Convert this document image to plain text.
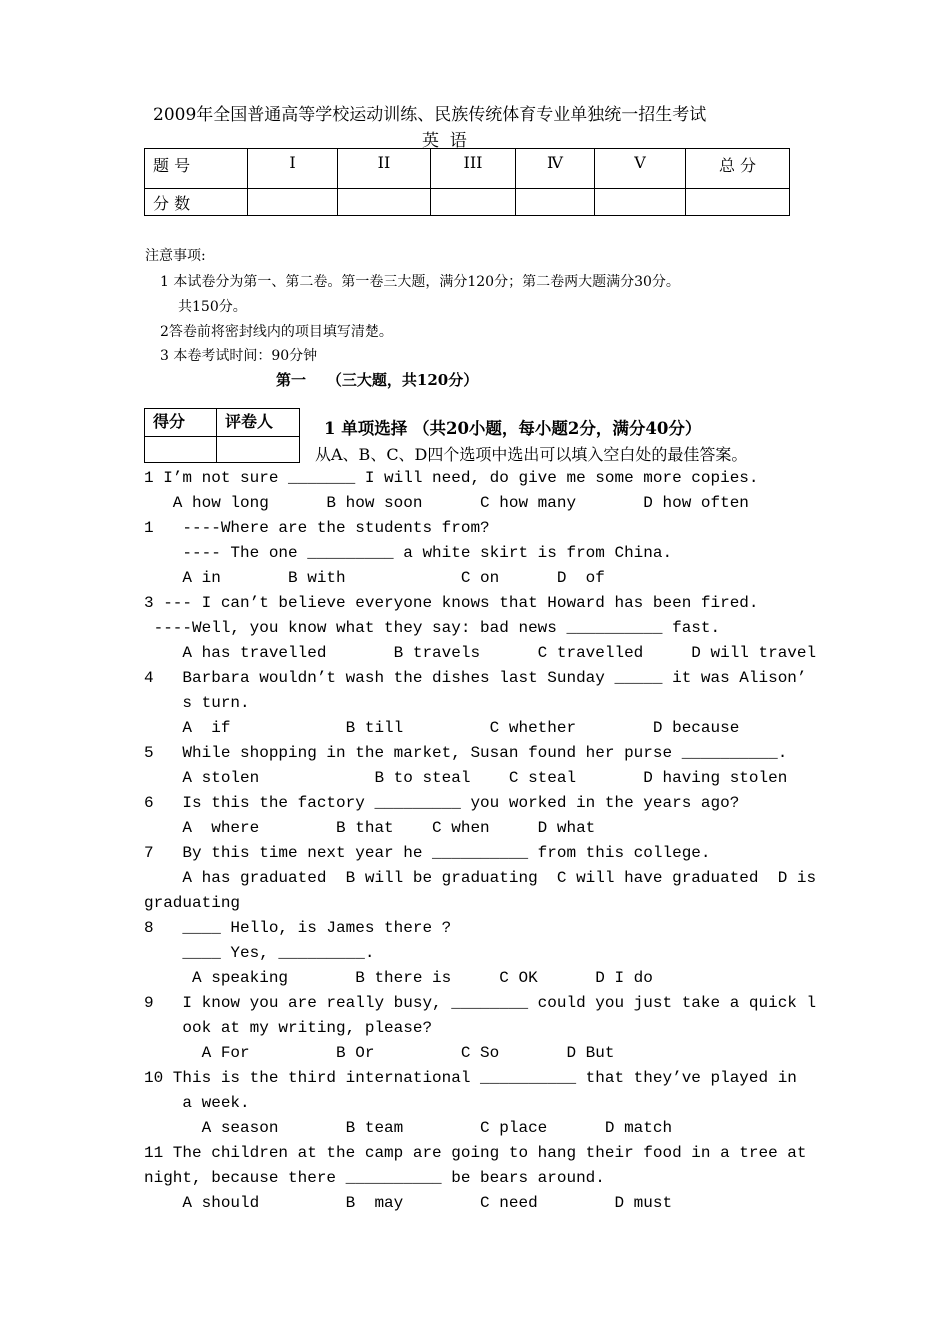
2009年全国普通高等学校运动训练、民族传统体育专业单独统一招生考试
英  语
题 号	I	II	III	Ⅳ	Ⅴ	总 分
分 数						
注意事项:
1 本试卷分为第一、第二卷。第一卷三大题，满分120分；第二卷两大题满分30分。
共150分。
2答卷前将密封线内的项目填写清楚。
3 本卷考试时间：90分钟
第一    （三大题，共120分）
得分	评卷人
		1 单项选择 （共20小题，每小题2分，满分40分）
从A、B、C、D四个选项中选出可以填入空白处的最佳答案。
1 I’m not sure _______ I will need, do give me some more copies.
A how long      B how soon      C how many       D how often
1   ----Where are the students from?
---- The one _________ a white skirt is from China.
A in       B with            C on      D  of
3 --- I can’t believe everyone knows that Howard has been fired.
----Well, you know what they say: bad news __________ fast.
A has travelled       B travels      C travelled     D will travel
4   Barbara wouldn’t wash the dishes last Sunday _____ it was Alison’
s turn.
A  if            B till         C whether        D because
5   While shopping in the market, Susan found her purse __________.
A stolen            B to steal    C steal       D having stolen
6   Is this the factory _________ you worked in the years ago?
A  where        B that    C when     D what
7   By this time next year he __________ from this college.
A has graduated  B will be graduating  C will have graduated  D is
graduating
8   ____ Hello, is James there ?
____ Yes, _________.
A speaking       B there is     C OK      D I do
9   I know you are really busy, ________ could you just take a quick l
ook at my writing, please?
A For         B Or         C So       D But
10 This is the third international __________ that they’ve played in
a week.
A season       B team        C place      D match
11 The children at the camp are going to hang their food in a tree at
night, because there __________ be bears around.
A should         B  may        C need        D must
